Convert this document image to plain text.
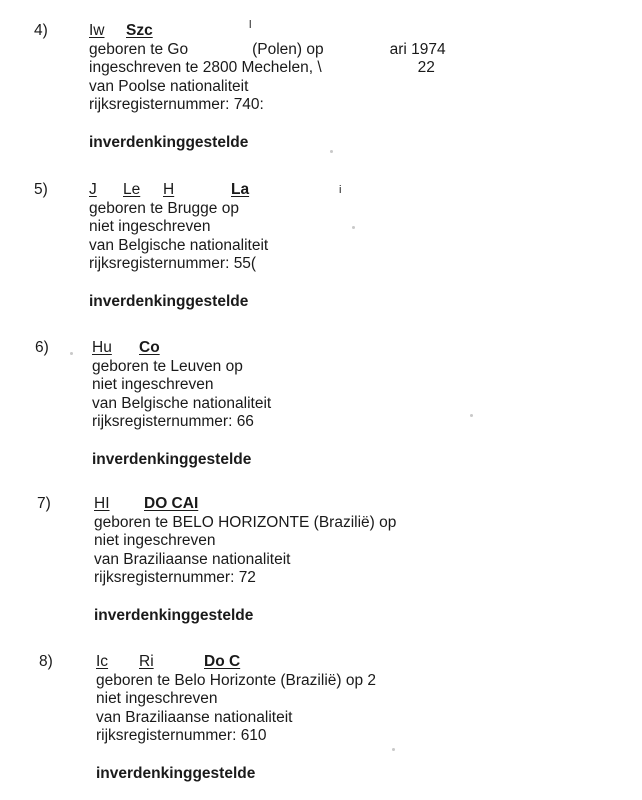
4)	Iw Szc	l
geboren te Go	(Polen) op	ari 1974
ingeschreven te 2800 Mechelen, \	22
van Poolse nationaliteit
rijksregisternummer: 740:
inverdenkinggestelde
5)	J Le H	La	i
geboren te Brugge op
niet ingeschreven
van Belgische nationaliteit
rijksregisternummer: 55(
inverdenkinggestelde
6)	Hu Co
geboren te Leuven op
niet ingeschreven
van Belgische nationaliteit
rijksregisternummer: 66
inverdenkinggestelde
7)	HI DO CAI
geboren te BELO HORIZONTE (Brazilië) op
niet ingeschreven
van Braziliaanse nationaliteit
rijksregisternummer: 72
inverdenkinggestelde
8)	Ic Ri	Do C
geboren te Belo Horizonte (Brazilië) op 2
niet ingeschreven
van Braziliaanse nationaliteit
rijksregisternummer: 610
inverdenkinggestelde
